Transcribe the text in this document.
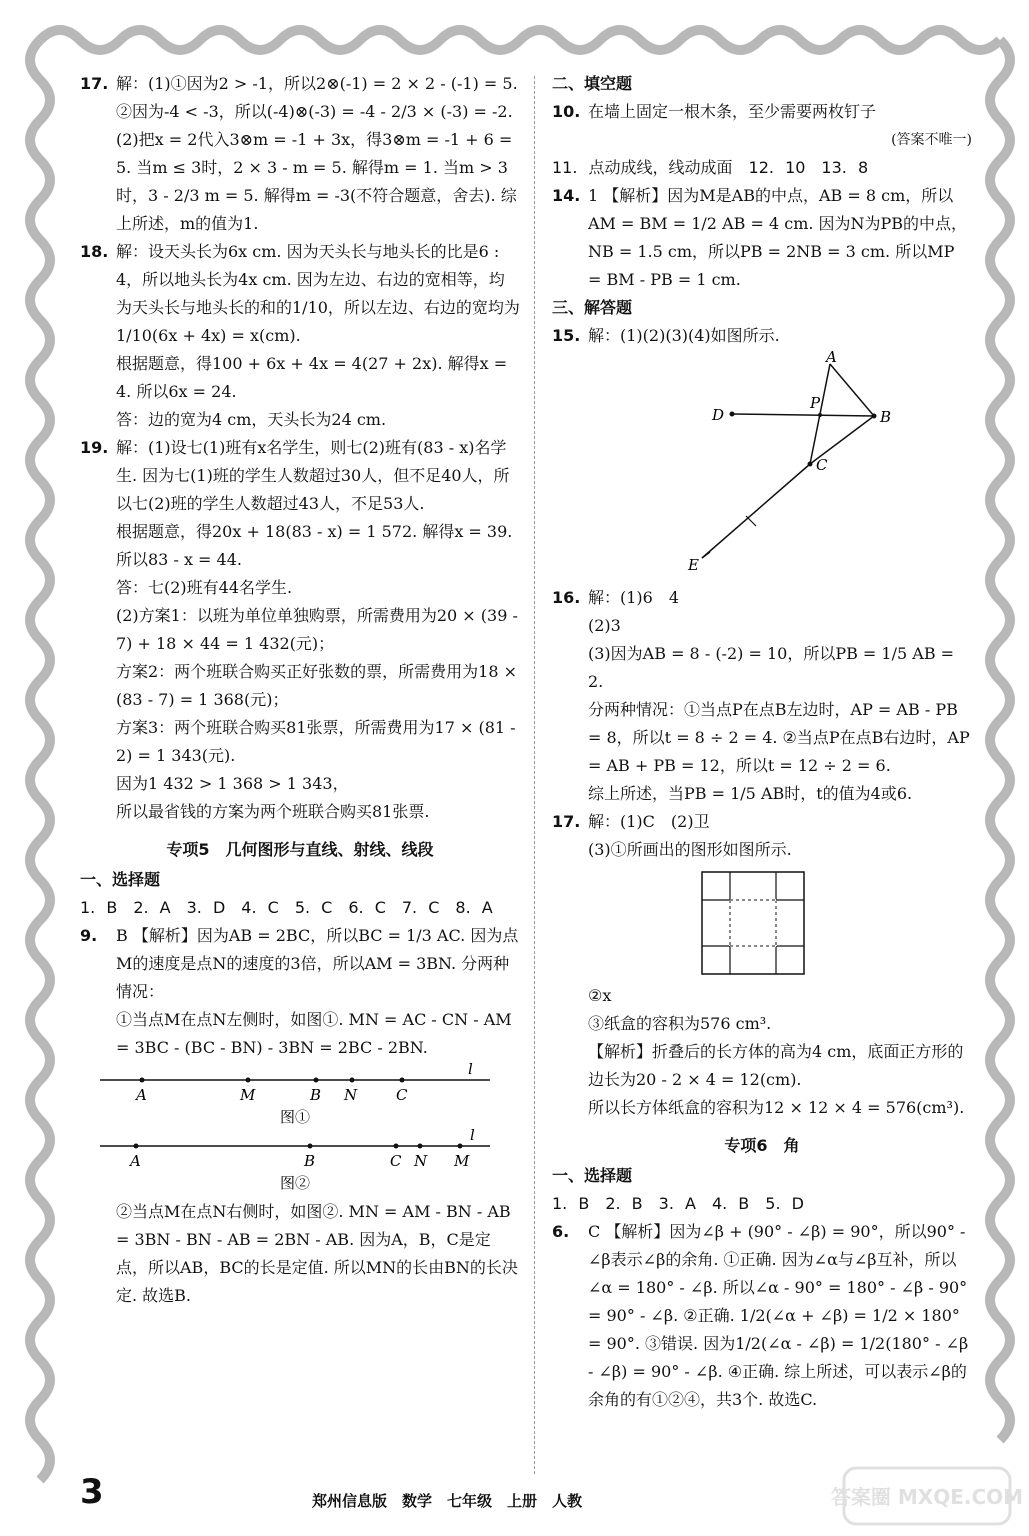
17. 解：(1)①因为2 > -1，所以2⊗(-1) = 2 × 2 - (-1) = 5.
②因为-4 < -3，所以(-4)⊗(-3) = -4 - 2/3 × (-3) = -2.
(2)把x = 2代入3⊗m = -1 + 3x，得3⊗m = -1 + 6 = 5. 当m ≤ 3时，2 × 3 - m = 5. 解得m = 1. 当m > 3时，3 - 2/3 m = 5. 解得m = -3(不符合题意，舍去). 综上所述，m的值为1.
18. 解：设天头长为6x cm. 因为天头长与地头长的比是6 : 4，所以地头长为4x cm. 因为左边、右边的宽相等，均为天头长与地头长的和的1/10，所以左边、右边的宽均为1/10(6x + 4x) = x(cm).
根据题意，得100 + 6x + 4x = 4(27 + 2x). 解得x = 4. 所以6x = 24.
答：边的宽为4 cm，天头长为24 cm.
19. 解：(1)设七(1)班有x名学生，则七(2)班有(83 - x)名学生. 因为七(1)班的学生人数超过30人，但不足40人，所以七(2)班的学生人数超过43人，不足53人.
根据题意，得20x + 18(83 - x) = 1 572. 解得x = 39. 所以83 - x = 44.
答：七(2)班有44名学生.
(2)方案1：以班为单位单独购票，所需费用为20 × (39 - 7) + 18 × 44 = 1 432(元)；
方案2：两个班联合购买正好张数的票，所需费用为18 × (83 - 7) = 1 368(元)；
方案3：两个班联合购买81张票，所需费用为17 × (81 - 2) = 1 343(元).
因为1 432 > 1 368 > 1 343，
所以最省钱的方案为两个班联合购买81张票.
专项5　几何图形与直线、射线、线段
一、选择题
1. B　2. A　3. D　4. C　5. C　6. C　7. C　8. A
9. B 【解析】因为AB = 2BC，所以BC = 1/3 AC. 因为点M的速度是点N的速度的3倍，所以AM = 3BN. 分两种情况：
①当点M在点N左侧时，如图①. MN = AC - CN - AM = 3BC - (BC - BN) - 3BN = 2BC - 2BN.
A	M	B N	C
l
图①
A	B	C N M
l
图②
②当点M在点N右侧时，如图②. MN = AM - BN - AB = 3BN - BN - AB = 2BN - AB. 因为A，B，C是定点，所以AB，BC的长是定值. 所以MN的长由BN的长决定. 故选B.
二、填空题
10. 在墙上固定一根木条，至少需要两枚钉子
(答案不唯一)
11. 点动成线，线动成面　12. 10　13. 8
14. 1 【解析】因为M是AB的中点，AB = 8 cm，所以AM = BM = 1/2 AB = 4 cm. 因为N为PB的中点，NB = 1.5 cm，所以PB = 2NB = 3 cm. 所以MP = BM - PB = 1 cm.
三、解答题
15. 解：(1)(2)(3)(4)如图所示.
A
D
P
B
C
E
16. 解：(1)6　4
(2)3
(3)因为AB = 8 - (-2) = 10，所以PB = 1/5 AB = 2.
分两种情况：①当点P在点B左边时，AP = AB - PB = 8，所以t = 8 ÷ 2 = 4. ②当点P在点B右边时，AP = AB + PB = 12，所以t = 12 ÷ 2 = 6.
综上所述，当PB = 1/5 AB时，t的值为4或6.
17. 解：(1)C　(2)卫
(3)①所画出的图形如图所示.
②x
③纸盒的容积为576 cm³.
【解析】折叠后的长方体的高为4 cm，底面正方形的边长为20 - 2 × 4 = 12(cm).
所以长方体纸盒的容积为12 × 12 × 4 = 576(cm³).
专项6　角
一、选择题
1. B　2. B　3. A　4. B　5. D
6. C 【解析】因为∠β + (90° - ∠β) = 90°，所以90° - ∠β表示∠β的余角. ①正确. 因为∠α与∠β互补，所以∠α = 180° - ∠β. 所以∠α - 90° = 180° - ∠β - 90° = 90° - ∠β. ②正确. 1/2(∠α + ∠β) = 1/2 × 180° = 90°. ③错误. 因为1/2(∠α - ∠β) = 1/2(180° - ∠β - ∠β) = 90° - ∠β. ④正确. 综上所述，可以表示∠β的余角的有①②④，共3个. 故选C.
3	郑州信息版　数学　七年级　上册　人教	答案圈 MXQE.COM
